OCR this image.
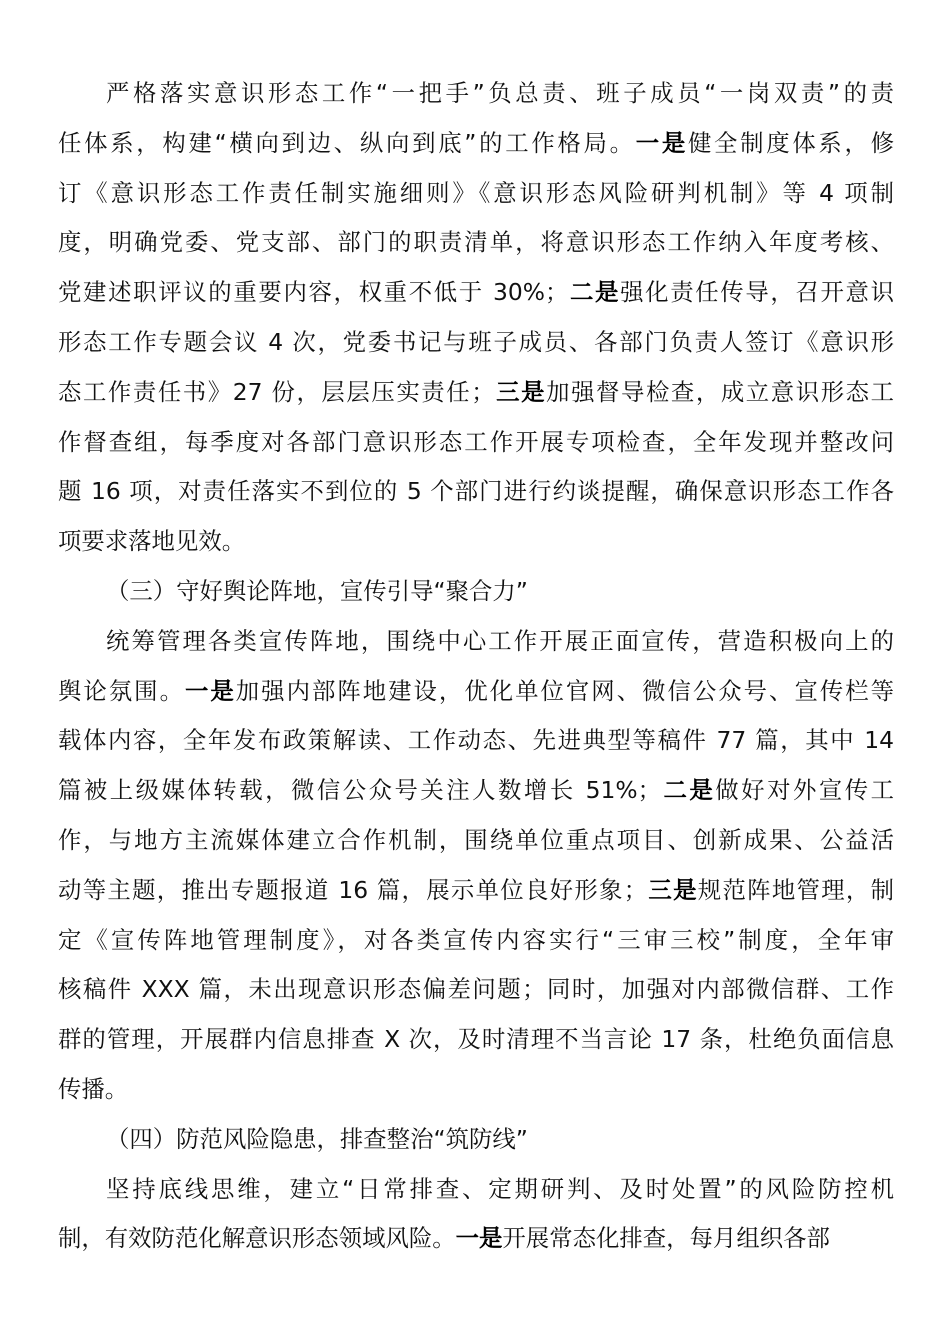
严格落实意识形态工作“一把手”负总责、班子成员“一岗双责”的责
任体系，构建“横向到边、纵向到底”的工作格局。一是健全制度体系，修
订《意识形态工作责任制实施细则》《意识形态风险研判机制》等 4 项制
度，明确党委、党支部、部门的职责清单，将意识形态工作纳入年度考核、
党建述职评议的重要内容，权重不低于 30%；二是强化责任传导，召开意识
形态工作专题会议 4 次，党委书记与班子成员、各部门负责人签订《意识形
态工作责任书》27 份，层层压实责任；三是加强督导检查，成立意识形态工
作督查组，每季度对各部门意识形态工作开展专项检查，全年发现并整改问
题 16 项，对责任落实不到位的 5 个部门进行约谈提醒，确保意识形态工作各
项要求落地见效。
（三）守好舆论阵地，宣传引导“聚合力”
统筹管理各类宣传阵地，围绕中心工作开展正面宣传，营造积极向上的
舆论氛围。一是加强内部阵地建设，优化单位官网、微信公众号、宣传栏等
载体内容，全年发布政策解读、工作动态、先进典型等稿件 77 篇，其中 14
篇被上级媒体转载，微信公众号关注人数增长 51%；二是做好对外宣传工
作，与地方主流媒体建立合作机制，围绕单位重点项目、创新成果、公益活
动等主题，推出专题报道 16 篇，展示单位良好形象；三是规范阵地管理，制
定《宣传阵地管理制度》，对各类宣传内容实行“三审三校”制度，全年审
核稿件 XXX 篇，未出现意识形态偏差问题；同时，加强对内部微信群、工作
群的管理，开展群内信息排查 X 次，及时清理不当言论 17 条，杜绝负面信息
传播。
（四）防范风险隐患，排查整治“筑防线”
坚持底线思维，建立“日常排查、定期研判、及时处置”的风险防控机
制，有效防范化解意识形态领域风险。一是开展常态化排查，每月组织各部
